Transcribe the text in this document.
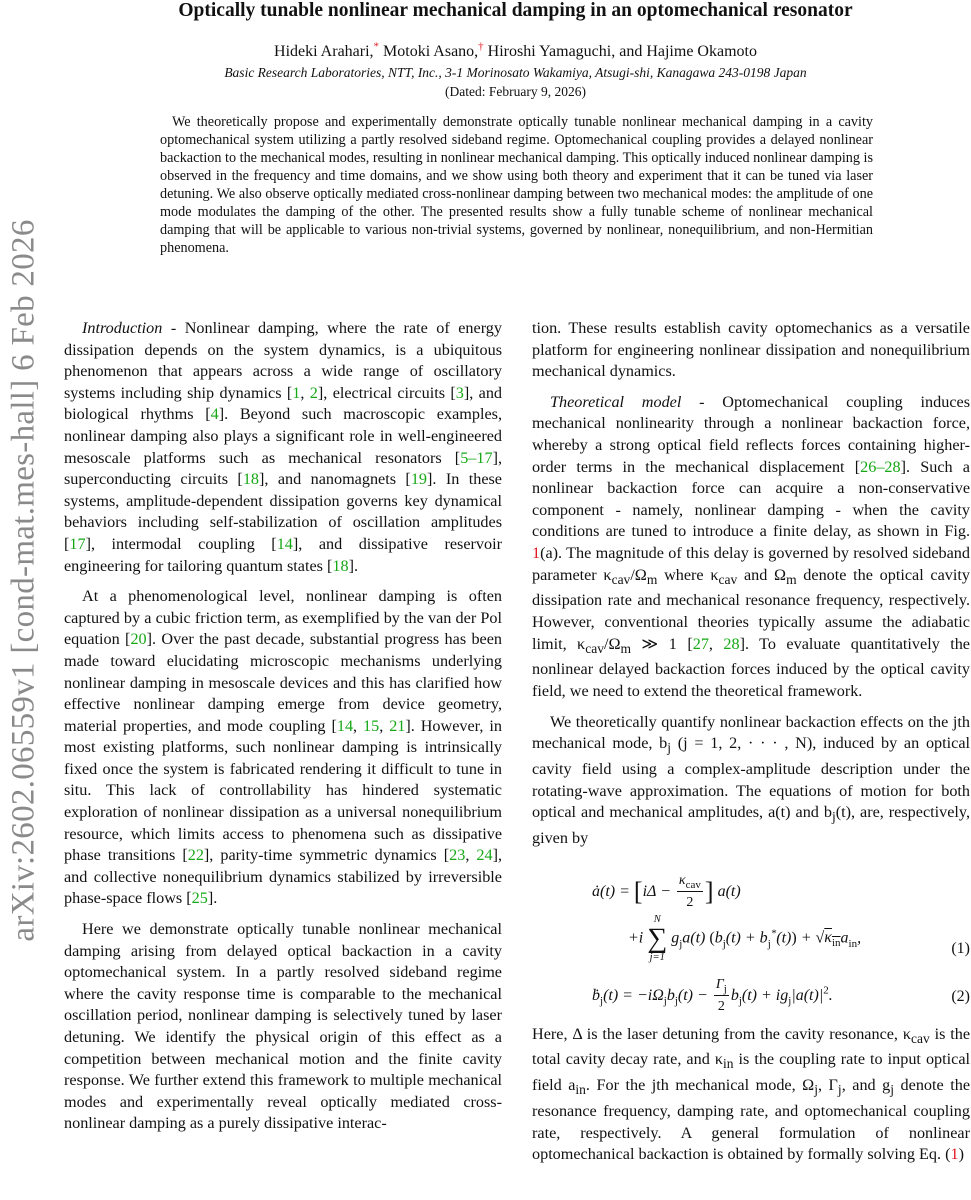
arXiv:2602.06559v1 [cond-mat.mes-hall] 6 Feb 2026
Optically tunable nonlinear mechanical damping in an optomechanical resonator
Hideki Arahari,* Motoki Asano,† Hiroshi Yamaguchi, and Hajime Okamoto
Basic Research Laboratories, NTT, Inc., 3-1 Morinosato Wakamiya, Atsugi-shi, Kanagawa 243-0198 Japan
(Dated: February 9, 2026)
We theoretically propose and experimentally demonstrate optically tunable nonlinear mechanical damping in a cavity optomechanical system utilizing a partly resolved sideband regime. Optomechanical coupling provides a delayed nonlinear backaction to the mechanical modes, resulting in nonlinear mechanical damping. This optically induced nonlinear damping is observed in the frequency and time domains, and we show using both theory and experiment that it can be tuned via laser detuning. We also observe optically mediated cross-nonlinear damping between two mechanical modes: the amplitude of one mode modulates the damping of the other. The presented results show a fully tunable scheme of nonlinear mechanical damping that will be applicable to various non-trivial systems, governed by nonlinear, nonequilibrium, and non-Hermitian phenomena.

Introduction - Nonlinear damping, where the rate of energy dissipation depends on the system dynamics, is a ubiquitous phenomenon that appears across a wide range of oscillatory systems including ship dynamics [1, 2], electrical circuits [3], and biological rhythms [4]. Beyond such macroscopic examples, nonlinear damping also plays a significant role in well-engineered mesoscale platforms such as mechanical resonators [5–17], superconducting circuits [18], and nanomagnets [19]. In these systems, amplitude-dependent dissipation governs key dynamical behaviors including self-stabilization of oscillation amplitudes [17], intermodal coupling [14], and dissipative reservoir engineering for tailoring quantum states [18].

At a phenomenological level, nonlinear damping is often captured by a cubic friction term, as exemplified by the van der Pol equation [20]. Over the past decade, substantial progress has been made toward elucidating microscopic mechanisms underlying nonlinear damping in mesoscale devices and this has clarified how effective nonlinear damping emerge from device geometry, material properties, and mode coupling [14, 15, 21]. However, in most existing platforms, such nonlinear damping is intrinsically fixed once the system is fabricated rendering it difficult to tune in situ. This lack of controllability has hindered systematic exploration of nonlinear dissipation as a universal nonequilibrium resource, which limits access to phenomena such as dissipative phase transitions [22], parity-time symmetric dynamics [23, 24], and collective nonequilibrium dynamics stabilized by irreversible phase-space flows [25].

Here we demonstrate optically tunable nonlinear mechanical damping arising from delayed optical backaction in a cavity optomechanical system. In a partly resolved sideband regime where the cavity response time is comparable to the mechanical oscillation period, nonlinear damping is selectively tuned by laser detuning. We identify the physical origin of this effect as a competition between mechanical motion and the finite cavity response. We further extend this framework to multiple mechanical modes and experimentally reveal optically mediated cross-nonlinear damping as a purely dissipative interac-

tion. These results establish cavity optomechanics as a versatile platform for engineering nonlinear dissipation and nonequilibrium mechanical dynamics.

Theoretical model - Optomechanical coupling induces mechanical nonlinearity through a nonlinear backaction force, whereby a strong optical field reflects forces containing higher-order terms in the mechanical displacement [26–28]. Such a nonlinear backaction force can acquire a non-conservative component - namely, nonlinear damping - when the cavity conditions are tuned to introduce a finite delay, as shown in Fig. 1(a). The magnitude of this delay is governed by resolved sideband parameter $\kappa_{cav}/\Omega_m$ where $\kappa_{cav}$ and $\Omega_m$ denote the optical cavity dissipation rate and mechanical resonance frequency, respectively. However, conventional theories typically assume the adiabatic limit, $\kappa_{cav}/\Omega_m$ ≫ 1 [27, 28]. To evaluate quantitatively the nonlinear delayed backaction forces induced by the optical cavity field, we need to extend the theoretical framework.

We theoretically quantify nonlinear backaction effects on the jth mechanical mode, $b_j$ (j = 1, 2, · · · , N), induced by an optical cavity field using a complex-amplitude description under the rotating-wave approximation. The equations of motion for both optical and mechanical amplitudes, a(t) and $b_j(t)$, are, respectively, given by

ȧ(t) = [$i\Delta - \frac{\kappa_{cav}}{2}$ ] a(t)
+i
N
∑
j=1
$g_ja(t) (b_j(t) + b_j^*(t)) + √\kappa_{in}a_{in}$,
(1)
ḃ$_j$(t) = $-i\Omega_jb_j(t) - \frac{\Gamma_j}{2} b_j(t) + ig_j|a(t)|^2$.	(2)

Here, Δ is the laser detuning from the cavity resonance, $\kappa_{cav}$ is the total cavity decay rate, and $\kappa_{in}$ is the coupling rate to input optical field $a_{in}$. For the jth mechanical mode, $\Omega_j$, $\Gamma_j$, and $g_j$ denote the resonance frequency, damping rate, and optomechanical coupling rate, respectively. A general formulation of nonlinear optomechanical backaction is obtained by formally solving Eq. (1)
